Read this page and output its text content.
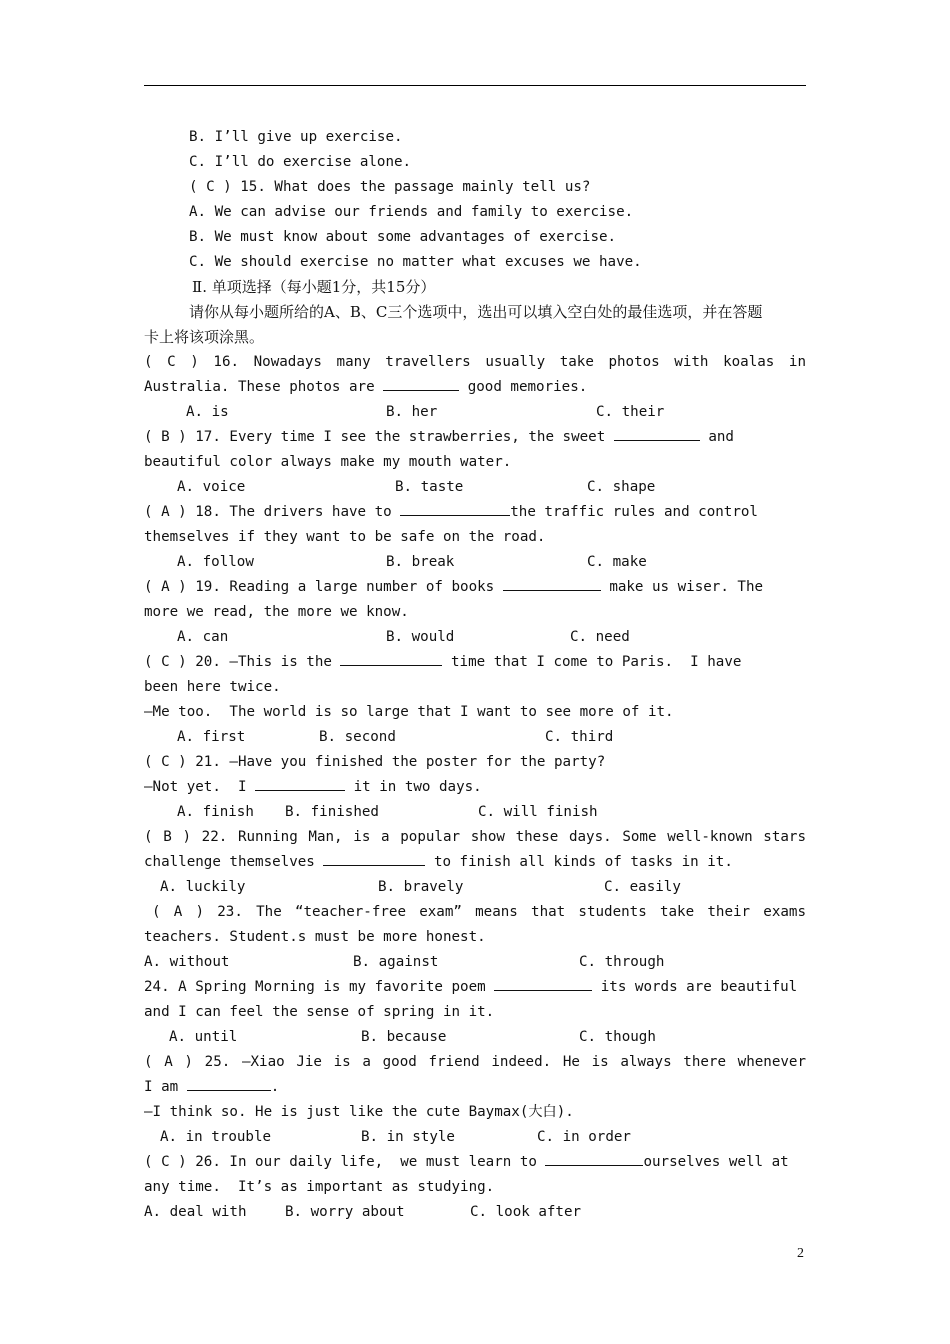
B. I’ll give up exercise.
C. I’ll do exercise alone.
( C ) 15. What does the passage mainly tell us?
A. We can advise our friends and family to exercise.
B. We must know about some advantages of exercise.
C. We should exercise no matter what excuses we have.
Ⅱ. 单项选择（每小题1分，共15分）
请你从每小题所给的A、B、C三个选项中，选出可以填入空白处的最佳选项，并在答题
卡上将该项涂黑。
( C ) 16. Nowadays many travellers usually take photos with koalas in
Australia. These photos are	good memories.
A. is	B. her	C. their
( B ) 17. Every time I see the strawberries, the sweet	and
beautiful color always make my mouth water.
A. voice	B. taste	C. shape
( A ) 18. The drivers have to	the traffic rules and control
themselves if they want to be safe on the road.
A. follow	B. break	C. make
( A ) 19. Reading a large number of books	make us wiser. The
more we read, the more we know.
A. can	B. would	C. need
( C ) 20. —This is the	time that I come to Paris.  I have
been here twice.
—Me too.  The world is so large that I want to see more of it.
A. first	B. second	C. third
( C ) 21. —Have you finished the poster for the party?
—Not yet.  I	it in two days.
A. finish B. finished	C. will finish
( B ) 22. Running Man, is a popular show these days. Some well-known stars
challenge themselves	to finish all kinds of tasks in it.
A. luckily	B. bravely	C. easily
( A ) 23. The “teacher-free exam” means that students take their exams
teachers. Student.s must be more honest.
A. without	B. against	C. through
24. A Spring Morning is my favorite poem	its words are beautiful
and I can feel the sense of spring in it.
A. until	B. because	C. though
( A ) 25. —Xiao Jie is a good friend indeed. He is always there whenever
I am	.
—I think so. He is just like the cute Baymax(大白).
A. in trouble	B. in style	C. in order
( C ) 26. In our daily life,  we must learn to	ourselves well at
any time.  It’s as important as studying.
A. deal with	B. worry about	C. look after
2
